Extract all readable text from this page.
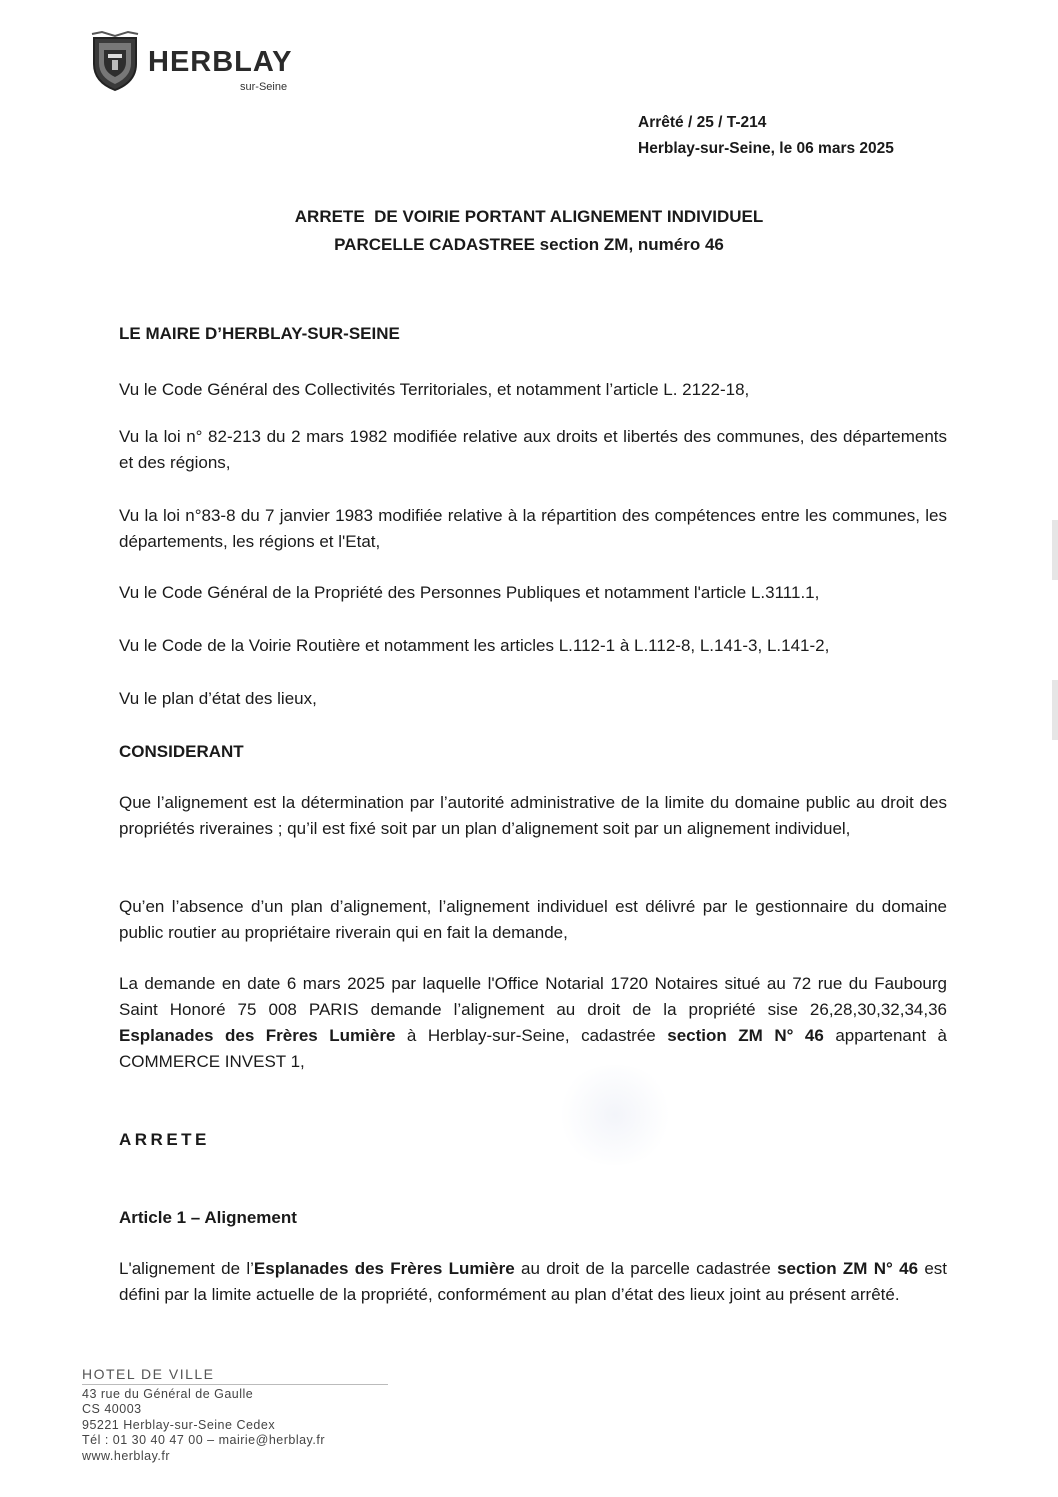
HERBLAY
sur-Seine
Arrêté / 25 / T-214
Herblay-sur-Seine, le 06 mars 2025
ARRETE  DE VOIRIE PORTANT ALIGNEMENT INDIVIDUEL
PARCELLE CADASTREE section ZM, numéro 46
LE MAIRE D’HERBLAY-SUR-SEINE
Vu le Code Général des Collectivités Territoriales, et notamment l’article L. 2122-18,
Vu la loi n° 82-213 du 2 mars 1982 modifiée relative aux droits et libertés des communes, des départements et des régions,
Vu la loi n°83-8 du 7 janvier 1983 modifiée relative à la répartition des compétences entre les communes, les départements, les régions et l'Etat,
Vu le Code Général de la Propriété des Personnes Publiques et notamment l'article L.3111.1,
Vu le Code de la Voirie Routière et notamment les articles L.112-1 à L.112-8, L.141-3, L.141-2,
Vu le plan d’état des lieux,
CONSIDERANT
Que l’alignement est la détermination par l’autorité administrative de la limite du domaine public au droit des propriétés riveraines ; qu’il est fixé soit par un plan d’alignement soit par un alignement individuel,
Qu’en l’absence d’un plan d’alignement, l’alignement individuel est délivré par le gestionnaire du domaine public routier au propriétaire riverain qui en fait la demande,
La demande en date 6 mars 2025 par laquelle l'Office Notarial 1720 Notaires situé au 72 rue du Faubourg Saint Honoré 75 008 PARIS demande l’alignement au droit de la propriété sise 26,28,30,32,34,36 Esplanades des Frères Lumière à Herblay-sur-Seine, cadastrée section ZM N° 46 appartenant à COMMERCE INVEST 1,
ARRETE
Article 1 – Alignement
L'alignement de l’Esplanades des Frères Lumière au droit de la parcelle cadastrée section ZM N° 46 est défini par la limite actuelle de la propriété, conformément au plan d’état des lieux joint au présent arrêté.
HOTEL DE VILLE
43 rue du Général de Gaulle
CS 40003
95221 Herblay-sur-Seine Cedex
Tél : 01 30 40 47 00 – mairie@herblay.fr
www.herblay.fr
